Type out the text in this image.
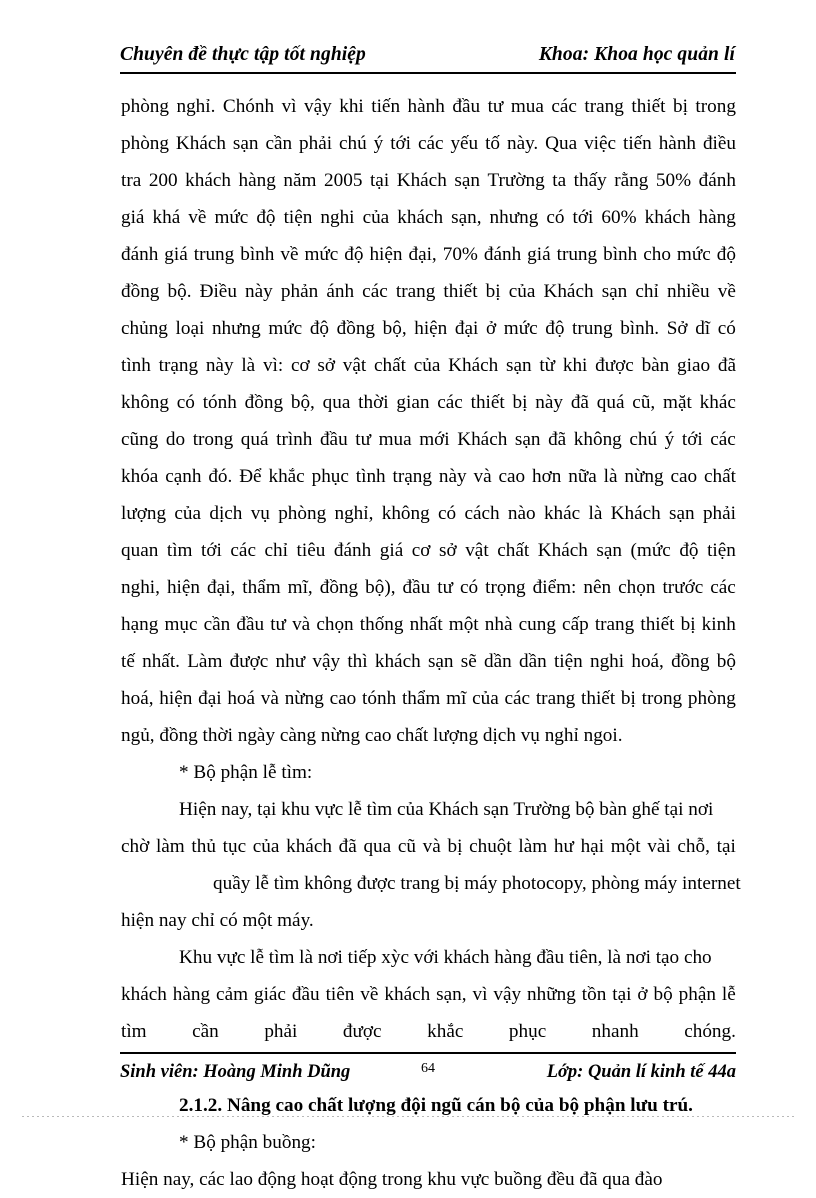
Chuyên đề thực tập tốt nghiệp	Khoa: Khoa học quản lí
phòng nghỉ. Chónh vì vậy khi tiến hành đầu tư mua các trang thiết bị trong
phòng Khách sạn cần phải chú ý tới các yếu tố này. Qua việc tiến hành điều
tra 200 khách hàng năm 2005 tại Khách sạn Trường ta thấy rằng 50% đánh
giá khá về mức độ tiện nghi của khách sạn, nhưng có tới 60% khách hàng
đánh giá trung bình về mức độ hiện đại, 70% đánh giá trung bình cho mức độ
đồng bộ. Điều này phản ánh các trang thiết bị của Khách sạn chỉ nhiều về
chủng loại nhưng mức độ đồng bộ, hiện đại ở mức độ trung bình. Sở dĩ có
tình trạng này là vì: cơ sở vật chất của Khách sạn từ khi được bàn giao đã
không có tónh đồng bộ, qua thời gian các thiết bị này đã quá cũ, mặt khác
cũng do trong quá trình đầu tư mua mới Khách sạn đã không chú ý tới các
khóa cạnh đó. Để khắc phục tình trạng này và cao hơn nữa là nừng cao chất
lượng của dịch vụ phòng nghỉ, không có cách nào khác là Khách sạn phải
quan tìm tới các chỉ tiêu đánh giá cơ sở vật chất Khách sạn (mức độ tiện
nghi, hiện đại, thẩm mĩ, đồng bộ), đầu tư có trọng điểm: nên chọn trước các
hạng mục cần đầu tư và chọn thống nhất một nhà cung cấp trang thiết bị kinh
tế nhất. Làm được như vậy thì khách sạn sẽ dần dần tiện nghi hoá, đồng bộ
hoá, hiện đại hoá và nừng cao tónh thẩm mĩ của các trang thiết bị trong phòng
ngủ, đồng thời ngày càng nừng cao chất lượng dịch vụ nghỉ ngoi.
* Bộ phận lễ tìm:
Hiện nay, tại khu vực lễ tìm của Khách sạn Trường bộ bàn ghế tại nơi
chờ làm thủ tục của khách đã qua cũ và bị chuột làm hư hại một vài chỗ, tại
quầy lễ tìm không được trang bị máy photocopy, phòng máy internet
hiện nay chỉ có một máy.
Khu vực lễ tìm là nơi tiếp xỳc với khách hàng đầu tiên, là nơi tạo cho
khách hàng cảm giác đầu tiên về khách sạn, vì vậy những tồn tại ở bộ phận lễ
tìm cần phải được khắc phục nhanh chóng.
2.1.2. Nâng cao chất lượng đội ngũ cán bộ của bộ phận lưu trú.
* Bộ phận buồng:
Hiện nay, các lao động hoạt động trong khu vực buồng đều đã qua đào
Sinh viên: Hoàng Minh Dũng	64	Lớp: Quản lí kinh tế 44a
